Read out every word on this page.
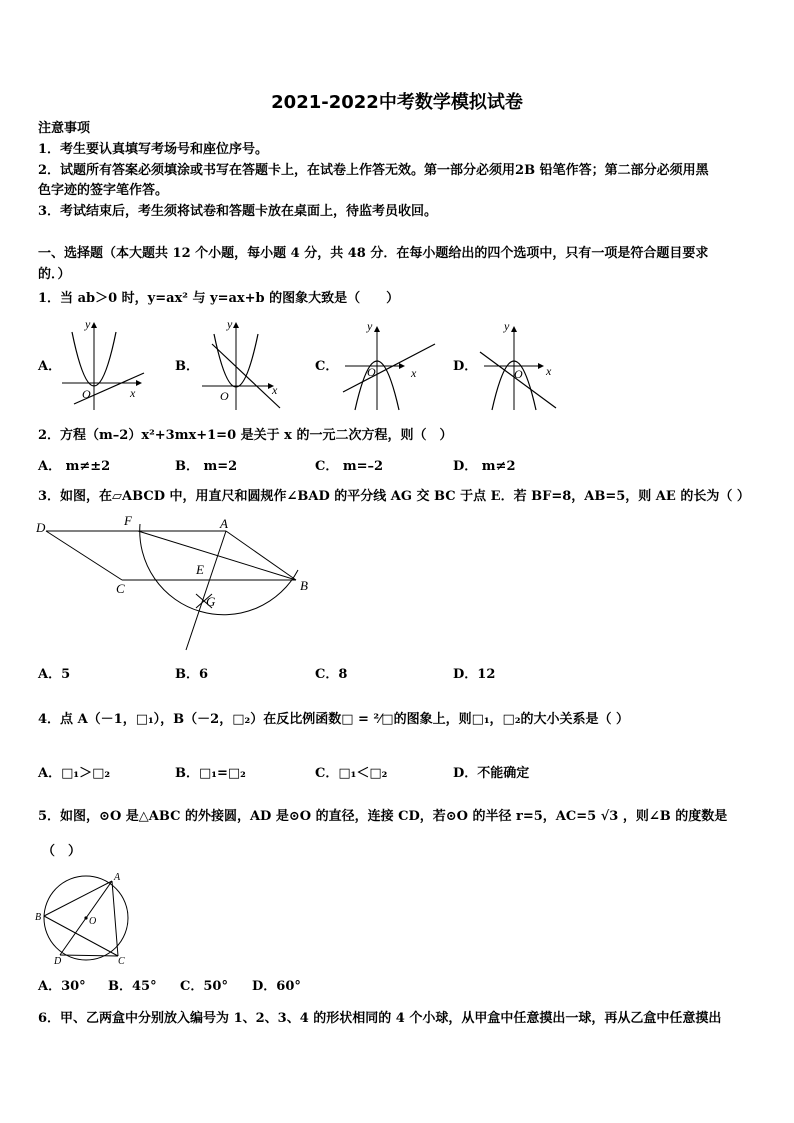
2021-2022中考数学模拟试卷
注意事项
1．考生要认真填写考场号和座位序号。
2．试题所有答案必须填涂或书写在答题卡上，在试卷上作答无效。第一部分必须用2B 铅笔作答；第二部分必须用黑
色字迹的签字笔作答。
3．考试结束后，考生须将试卷和答题卡放在桌面上，待监考员收回。
一、选择题（本大题共 12 个小题，每小题 4 分，共 48 分．在每小题给出的四个选项中，只有一项是符合题目要求
的．）
1．当 ab＞0 时，y=ax² 与 y=ax+b 的图象大致是（　　）
A．	B．	C．	D．
y
x
O
y
x
O
y
x
O
y
x
O
2．方程（m–2）x²+3mx+1=0 是关于 x 的一元二次方程，则（　）
A． m≠±2	B． m=2	C． m=–2	D． m≠2
3．如图，在▱ABCD 中，用直尺和圆规作∠BAD 的平分线 AG 交 BC 于点 E．若 BF=8，AB=5，则 AE 的长为（ ）
D	F	A
E
B
C
G
A．5	B．6	C．8	D．12
4．点 A（－1，□₁），B（－2，□₂）在反比例函数□ = ²⁄□的图象上，则□₁，□₂的大小关系是（ ）
A．□₁＞□₂	B．□₁=□₂	C．□₁＜□₂	D．不能确定
5．如图，⊙O 是△ABC 的外接圆，AD 是⊙O 的直径，连接 CD，若⊙O 的半径 r=5，AC=5 √3 ，则∠B 的度数是
（　）
A
B	O
D	C
A．30° B．45° C．50° D．60°
6．甲、乙两盒中分别放入编号为 1、2、3、4 的形状相同的 4 个小球，从甲盒中任意摸出一球，再从乙盒中任意摸出
